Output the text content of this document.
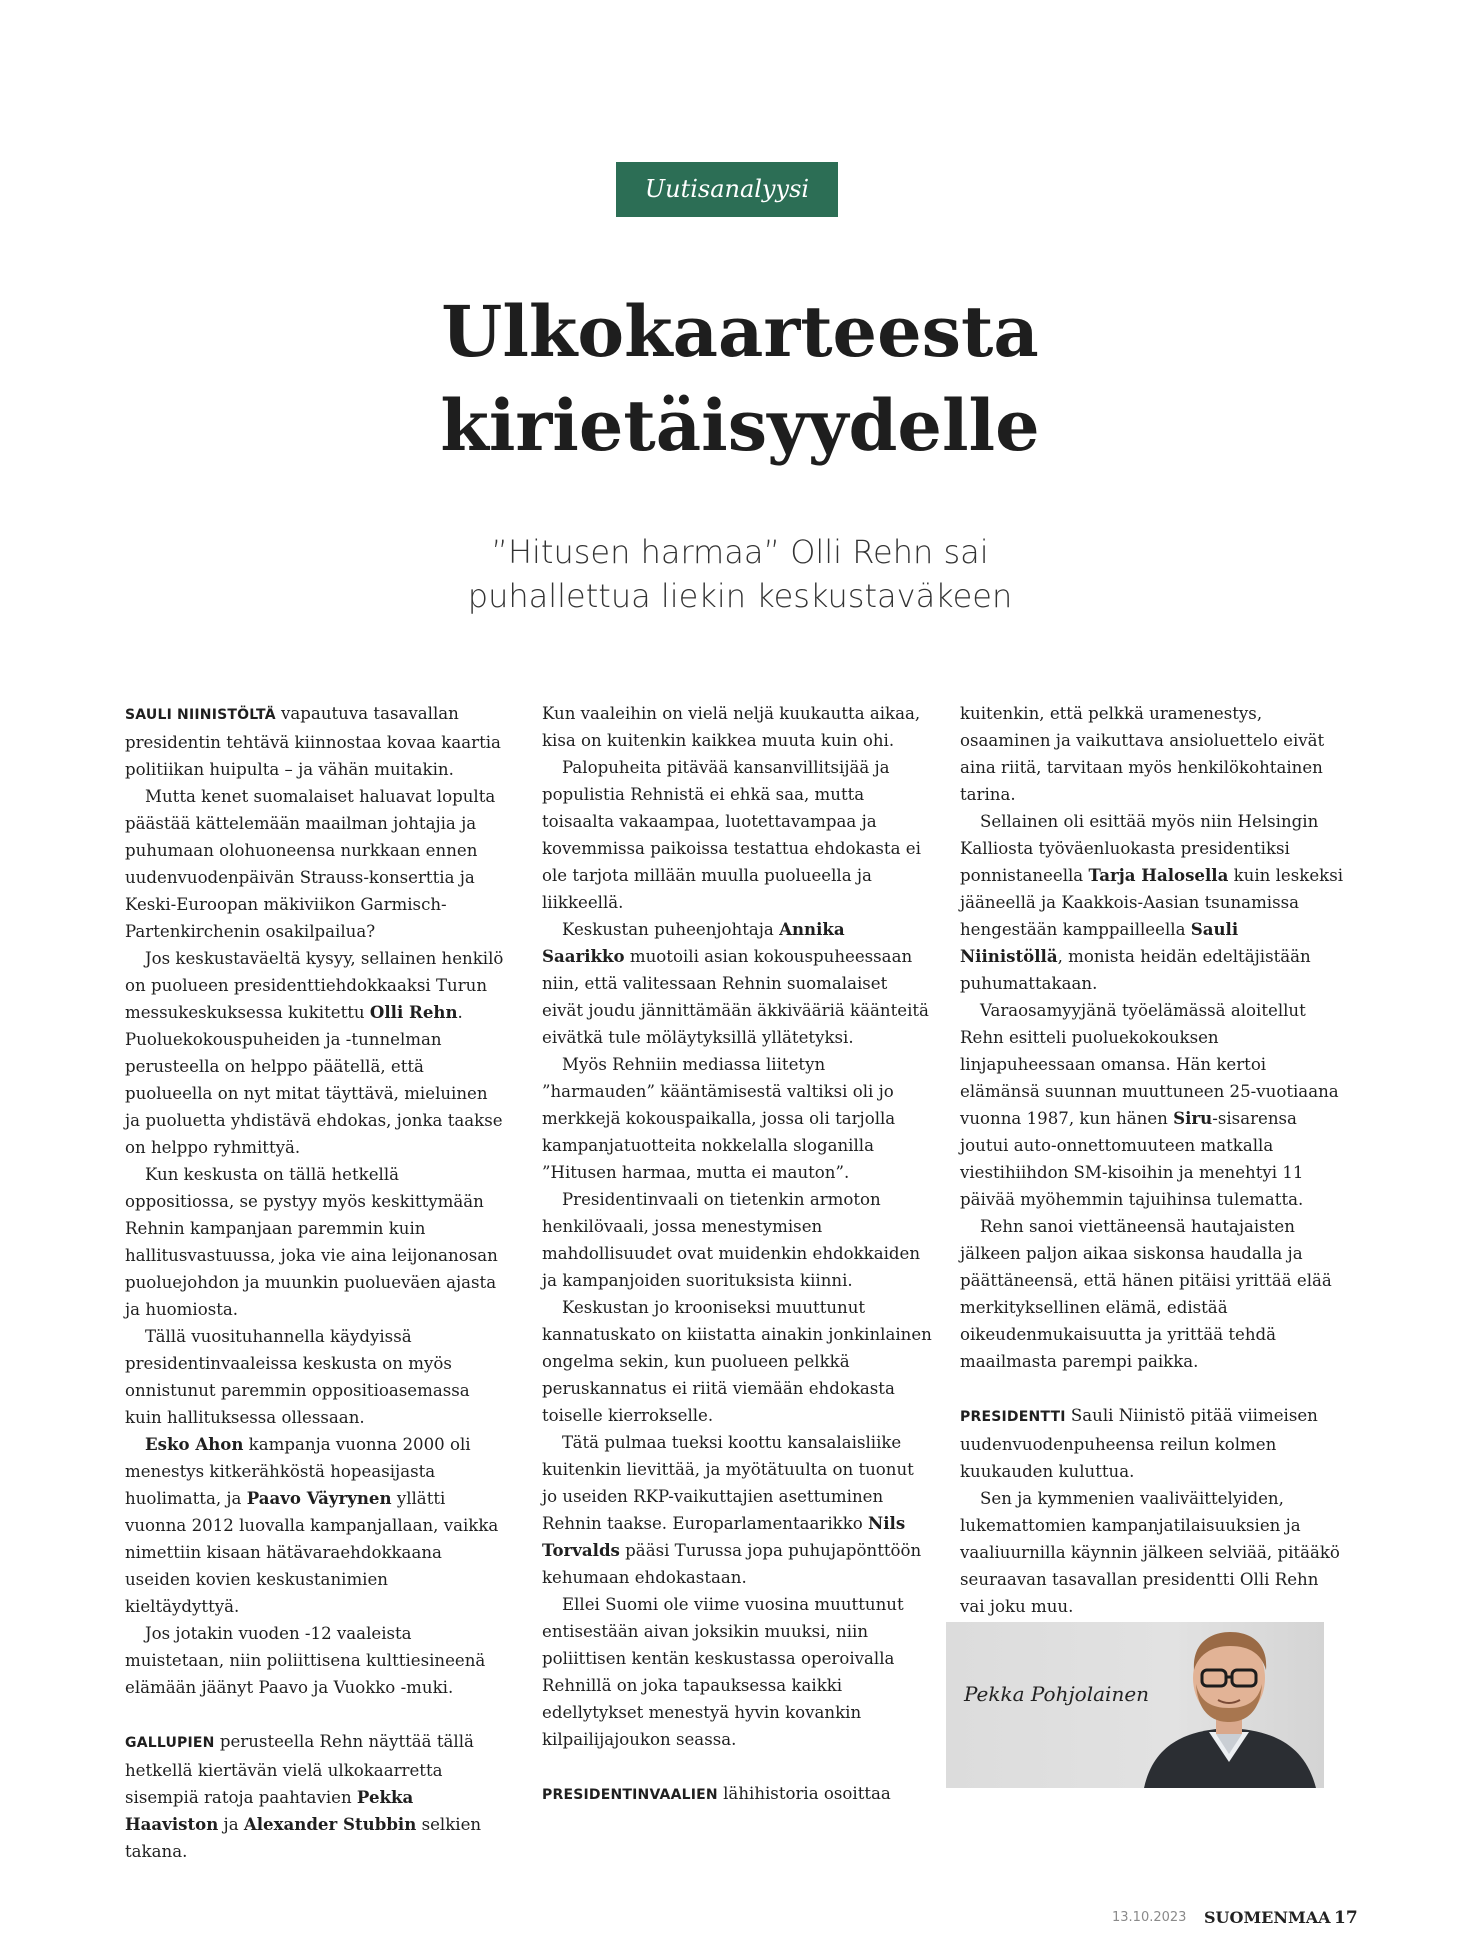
Uutisanalyysi
Ulkokaarteesta
kirietäisyydelle
”Hitusen harmaa” Olli Rehn sai
puhallettua liekin keskustaväkeen

SAULI NIINISTÖLTÄ vapautuva tasavallan presidentin tehtävä kiinnostaa kovaa kaartia politiikan huipulta – ja vähän muitakin.

Mutta kenet suomalaiset haluavat lopulta päästää kättelemään maailman johtajia ja puhumaan olohuoneensa nurkkaan ennen uudenvuodenpäivän Strauss-konserttia ja Keski-Euroopan mäkiviikon Garmisch-Partenkirchenin osakilpailua?

Jos keskustaväeltä kysyy, sellainen henkilö on puolueen presidenttiehdokkaaksi Turun messukeskuksessa kukitettu Olli Rehn. Puoluekokouspuheiden ja -tunnelman perusteella on helppo päätellä, että puolueella on nyt mitat täyttävä, mieluinen ja puoluetta yhdistävä ehdokas, jonka taakse on helppo ryhmittyä.

Kun keskusta on tällä hetkellä oppositiossa, se pystyy myös keskittymään Rehnin kampanjaan paremmin kuin hallitusvastuussa, joka vie aina leijonanosan puoluejohdon ja muunkin puolueväen ajasta ja huomiosta.

Tällä vuosituhannella käydyissä presidentinvaaleissa keskusta on myös onnistunut paremmin oppositioasemassa kuin hallituksessa ollessaan.

Esko Ahon kampanja vuonna 2000 oli menestys kitkerähköstä hopeasijasta huolimatta, ja Paavo Väyrynen yllätti vuonna 2012 luovalla kampanjallaan, vaikka nimettiin kisaan hätävaraehdokkaana useiden kovien keskustanimien kieltäydyttyä.

Jos jotakin vuoden -12 vaaleista muistetaan, niin poliittisena kulttiesineenä elämään jäänyt Paavo ja Vuokko -muki.

GALLUPIEN perusteella Rehn näyttää tällä hetkellä kiertävän vielä ulkokaarretta sisempiä ratoja paahtavien Pekka Haaviston ja Alexander Stubbin selkien takana.

Kun vaaleihin on vielä neljä kuukautta aikaa, kisa on kuitenkin kaikkea muuta kuin ohi.

Palopuheita pitävää kansanvillitsijää ja populistia Rehnistä ei ehkä saa, mutta toisaalta vakaampaa, luotettavampaa ja kovemmissa paikoissa testattua ehdokasta ei ole tarjota millään muulla puolueella ja liikkeellä.

Keskustan puheenjohtaja Annika Saarikko muotoili asian kokouspuheessaan niin, että valitessaan Rehnin suomalaiset eivät joudu jännittämään äkkivääriä käänteitä eivätkä tule möläytyksillä yllätetyksi.

Myös Rehniin mediassa liitetyn ”harmauden” kääntämisestä valtiksi oli jo merkkejä kokouspaikalla, jossa oli tarjolla kampanjatuotteita nokkelalla sloganilla ”Hitusen harmaa, mutta ei mauton”.

Presidentinvaali on tietenkin armoton henkilövaali, jossa menestymisen mahdollisuudet ovat muidenkin ehdokkaiden ja kampanjoiden suorituksista kiinni.

Keskustan jo krooniseksi muuttunut kannatuskato on kiistatta ainakin jonkinlainen ongelma sekin, kun puolueen pelkkä peruskannatus ei riitä viemään ehdokasta toiselle kierrokselle.

Tätä pulmaa tueksi koottu kansalaisliike kuitenkin lievittää, ja myötätuulta on tuonut jo useiden RKP-vaikuttajien asettuminen Rehnin taakse. Europarlamentaarikko Nils Torvalds pääsi Turussa jopa puhujapönttöön kehumaan ehdokastaan.

Ellei Suomi ole viime vuosina muuttunut entisestään aivan joksikin muuksi, niin poliittisen kentän keskustassa operoivalla Rehnillä on joka tapauksessa kaikki edellytykset menestyä hyvin kovankin kilpailijajoukon seassa.

PRESIDENTINVAALIEN lähihistoria osoittaa

kuitenkin, että pelkkä uramenestys, osaaminen ja vaikuttava ansioluettelo eivät aina riitä, tarvitaan myös henkilökohtainen tarina.

Sellainen oli esittää myös niin Helsingin Kalliosta työväenluokasta presidentiksi ponnistaneella Tarja Halosella kuin leskeksi jääneellä ja Kaakkois-Aasian tsunamissa hengestään kamppailleella Sauli Niinistöllä, monista heidän edeltäjistään puhumattakaan.

Varaosamyyjänä työelämässä aloitellut Rehn esitteli puoluekokouksen linjapuheessaan omansa. Hän kertoi elämänsä suunnan muuttuneen 25-vuotiaana vuonna 1987, kun hänen Siru-sisarensa joutui auto-onnettomuuteen matkalla viestihiihdon SM-kisoihin ja menehtyi 11 päivää myöhemmin tajuihinsa tulematta.

Rehn sanoi viettäneensä hautajaisten jälkeen paljon aikaa siskonsa haudalla ja päättäneensä, että hänen pitäisi yrittää elää merkityksellinen elämä, edistää oikeudenmukaisuutta ja yrittää tehdä maailmasta parempi paikka.

PRESIDENTTI Sauli Niinistö pitää viimeisen uudenvuodenpuheensa reilun kolmen kuukauden kuluttua.

Sen ja kymmenien vaaliväittelyiden, lukemattomien kampanjatilaisuuksien ja vaaliuurnilla käynnin jälkeen selviää, pitääkö seuraavan tasavallan presidentti Olli Rehn vai joku muu.

Pekka Pohjolainen
13.10.2023 SUOMENMAA 17
